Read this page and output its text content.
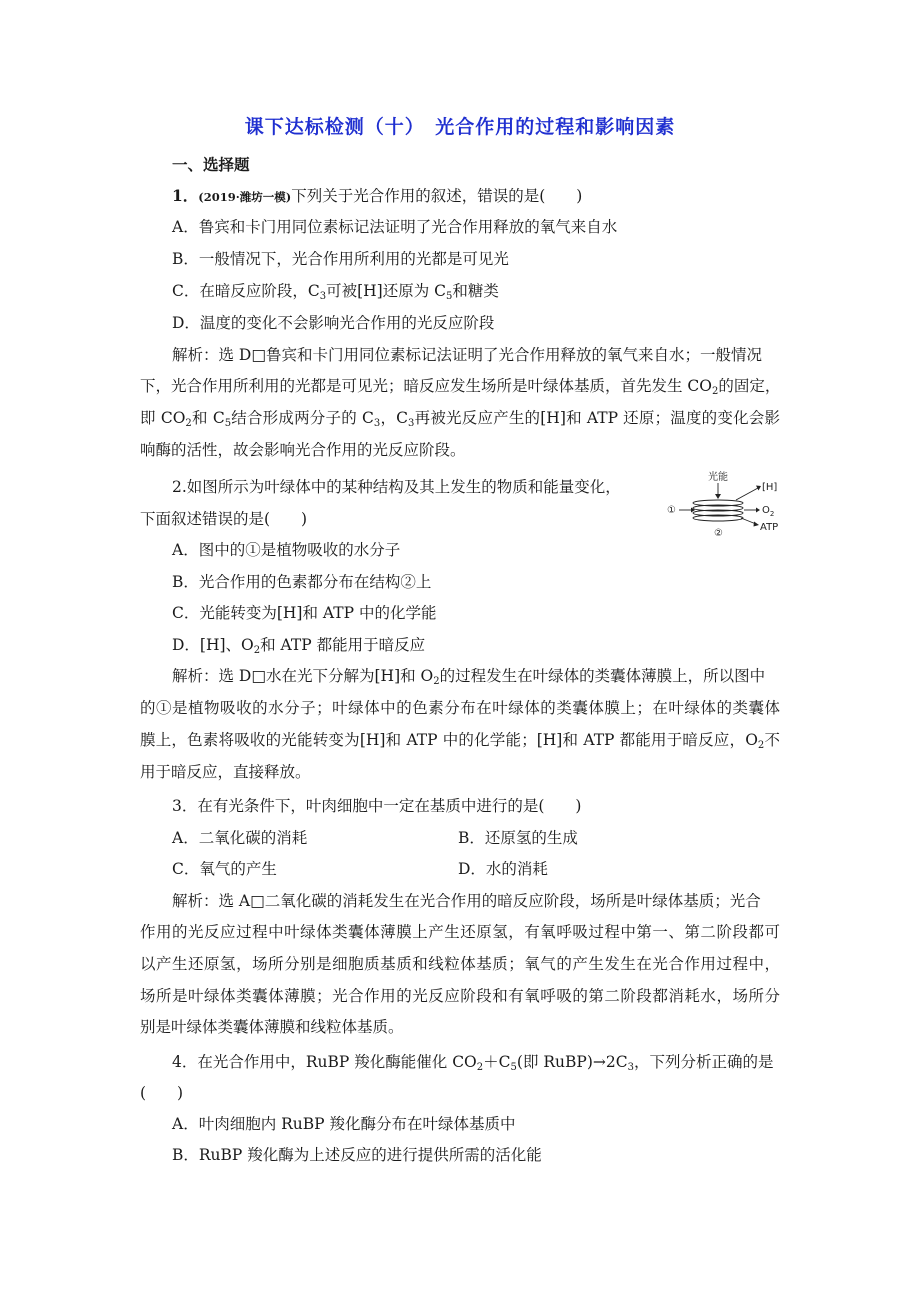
课下达标检测（十）　光合作用的过程和影响因素
一、选择题
1．(2019·潍坊一模)下列关于光合作用的叙述，错误的是(　　)
A．鲁宾和卡门用同位素标记法证明了光合作用释放的氧气来自水
B．一般情况下，光合作用所利用的光都是可见光
C．在暗反应阶段，$C_3$可被[H]还原为 $C_5$和糖类
D．温度的变化不会影响光合作用的光反应阶段
解析：选 D□鲁宾和卡门用同位素标记法证明了光合作用释放的氧气来自水；一般情况
下，光合作用所利用的光都是可见光；暗反应发生场所是叶绿体基质，首先发生 $CO_2$的固定，
即 $CO_2$和 $C_5$结合形成两分子的 $C_3$，$C_3$再被光反应产生的[H]和 ATP 还原；温度的变化会影
响酶的活性，故会影响光合作用的光反应阶段。
2.如图所示为叶绿体中的某种结构及其上发生的物质和能量变化，
下面叙述错误的是(　　)
光能
①
[H]
$O_2$
ATP
②
A．图中的①是植物吸收的水分子
B．光合作用的色素都分布在结构②上
C．光能转变为[H]和 ATP 中的化学能
D．[H]、$O_2$和 ATP 都能用于暗反应
解析：选 D□水在光下分解为[H]和 $O_2$的过程发生在叶绿体的类囊体薄膜上，所以图中
的①是植物吸收的水分子；叶绿体中的色素分布在叶绿体的类囊体膜上；在叶绿体的类囊体
膜上，色素将吸收的光能转变为[H]和 ATP 中的化学能；[H]和 ATP 都能用于暗反应，$O_2$不
用于暗反应，直接释放。
3．在有光条件下，叶肉细胞中一定在基质中进行的是(　　)
A．二氧化碳的消耗	B．还原氢的生成
C．氧气的产生	D．水的消耗
解析：选 A□二氧化碳的消耗发生在光合作用的暗反应阶段，场所是叶绿体基质；光合
作用的光反应过程中叶绿体类囊体薄膜上产生还原氢，有氧呼吸过程中第一、第二阶段都可
以产生还原氢，场所分别是细胞质基质和线粒体基质；氧气的产生发生在光合作用过程中，
场所是叶绿体类囊体薄膜；光合作用的光反应阶段和有氧呼吸的第二阶段都消耗水，场所分
别是叶绿体类囊体薄膜和线粒体基质。
4．在光合作用中，RuBP 羧化酶能催化 $CO_2+C_5$(即 $RuBP)\to 2C_3$，下列分析正确的是
(　　)
A．叶肉细胞内 RuBP 羧化酶分布在叶绿体基质中
B．RuBP 羧化酶为上述反应的进行提供所需的活化能
